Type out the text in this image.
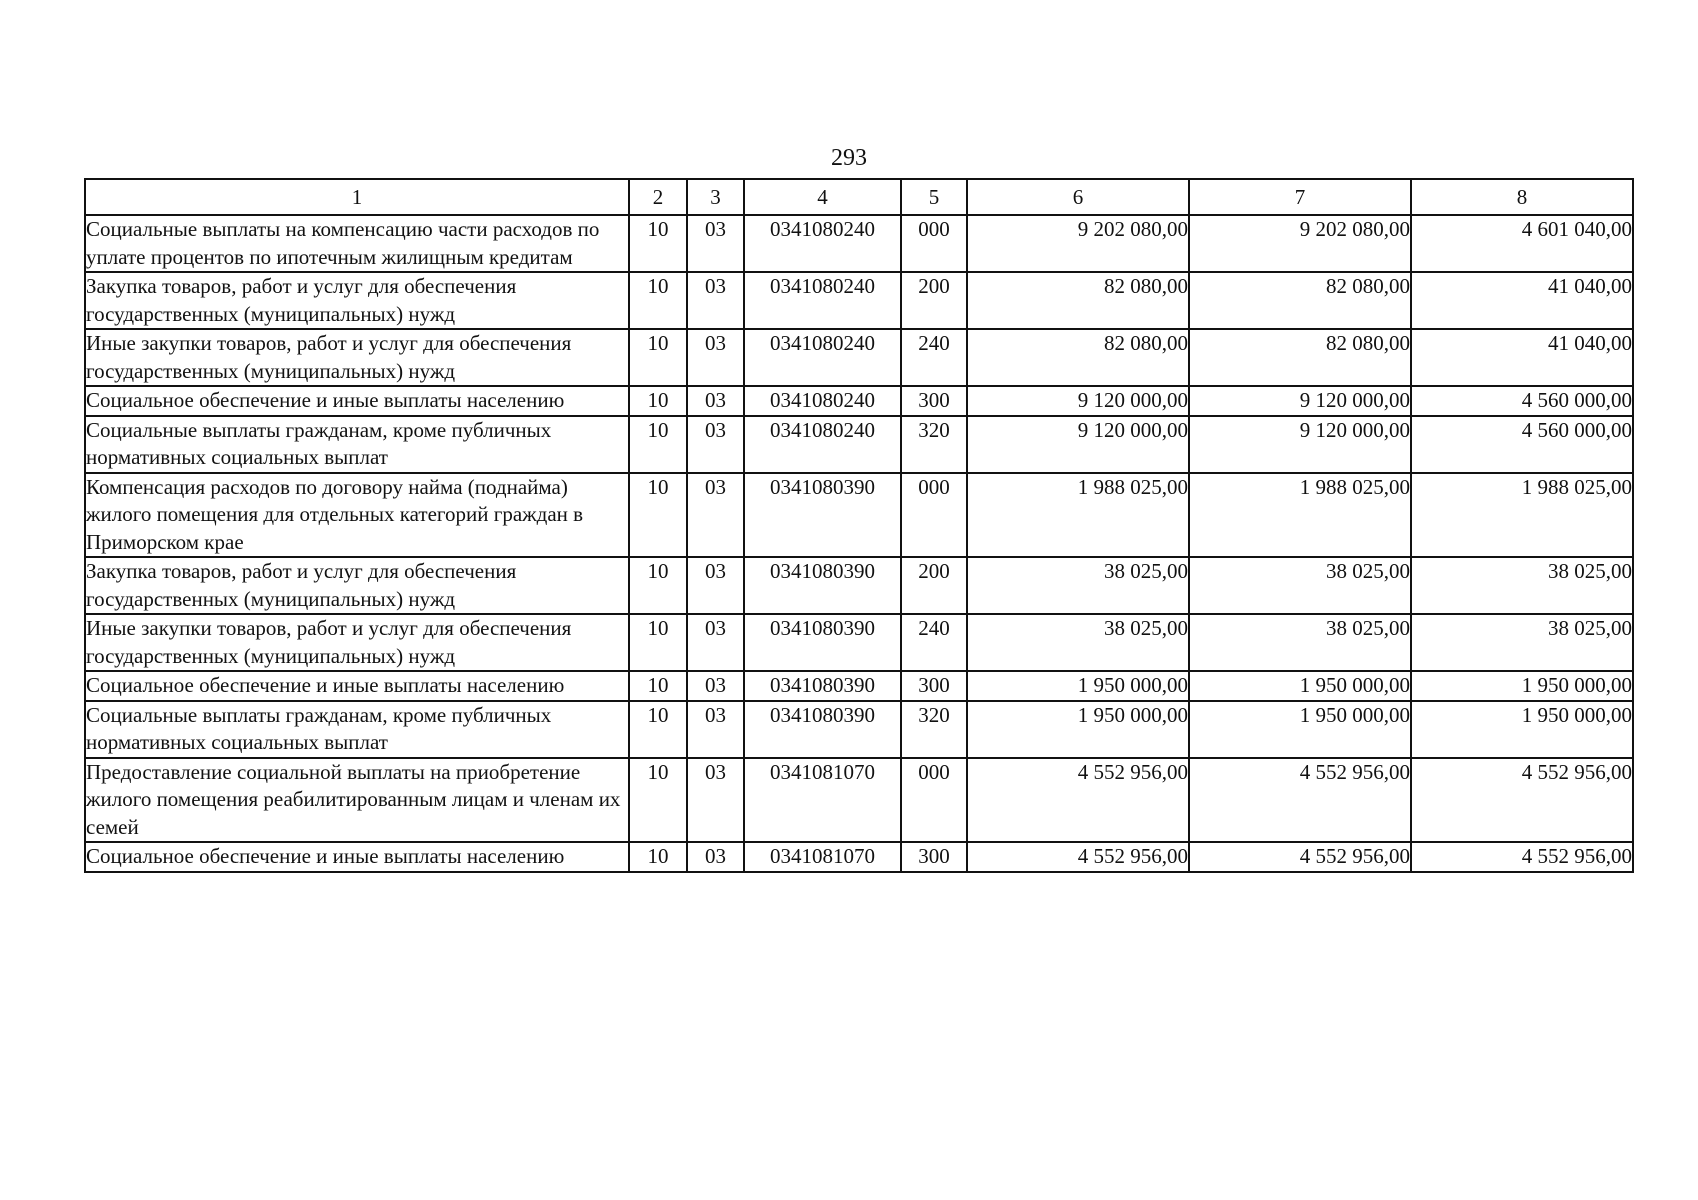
293
1	2	3	4	5	6	7	8
Социальные выплаты на компенсацию части расходов по уплате процентов по ипотечным жилищным кредитам	10	03	0341080240	000	9 202 080,00	9 202 080,00	4 601 040,00
Закупка товаров, работ и услуг для обеспечения государственных (муниципальных) нужд	10	03	0341080240	200	82 080,00	82 080,00	41 040,00
Иные закупки товаров, работ и услуг для обеспечения государственных (муниципальных) нужд	10	03	0341080240	240	82 080,00	82 080,00	41 040,00
Социальное обеспечение и иные выплаты населению	10	03	0341080240	300	9 120 000,00	9 120 000,00	4 560 000,00
Социальные выплаты гражданам, кроме публичных нормативных социальных выплат	10	03	0341080240	320	9 120 000,00	9 120 000,00	4 560 000,00
Компенсация расходов по договору найма (поднайма) жилого помещения для отдельных категорий граждан в Приморском крае	10	03	0341080390	000	1 988 025,00	1 988 025,00	1 988 025,00
Закупка товаров, работ и услуг для обеспечения государственных (муниципальных) нужд	10	03	0341080390	200	38 025,00	38 025,00	38 025,00
Иные закупки товаров, работ и услуг для обеспечения государственных (муниципальных) нужд	10	03	0341080390	240	38 025,00	38 025,00	38 025,00
Социальное обеспечение и иные выплаты населению	10	03	0341080390	300	1 950 000,00	1 950 000,00	1 950 000,00
Социальные выплаты гражданам, кроме публичных нормативных социальных выплат	10	03	0341080390	320	1 950 000,00	1 950 000,00	1 950 000,00
Предоставление социальной выплаты на приобретение жилого помещения реабилитированным лицам и членам их семей	10	03	0341081070	000	4 552 956,00	4 552 956,00	4 552 956,00
Социальное обеспечение и иные выплаты населению	10	03	0341081070	300	4 552 956,00	4 552 956,00	4 552 956,00
